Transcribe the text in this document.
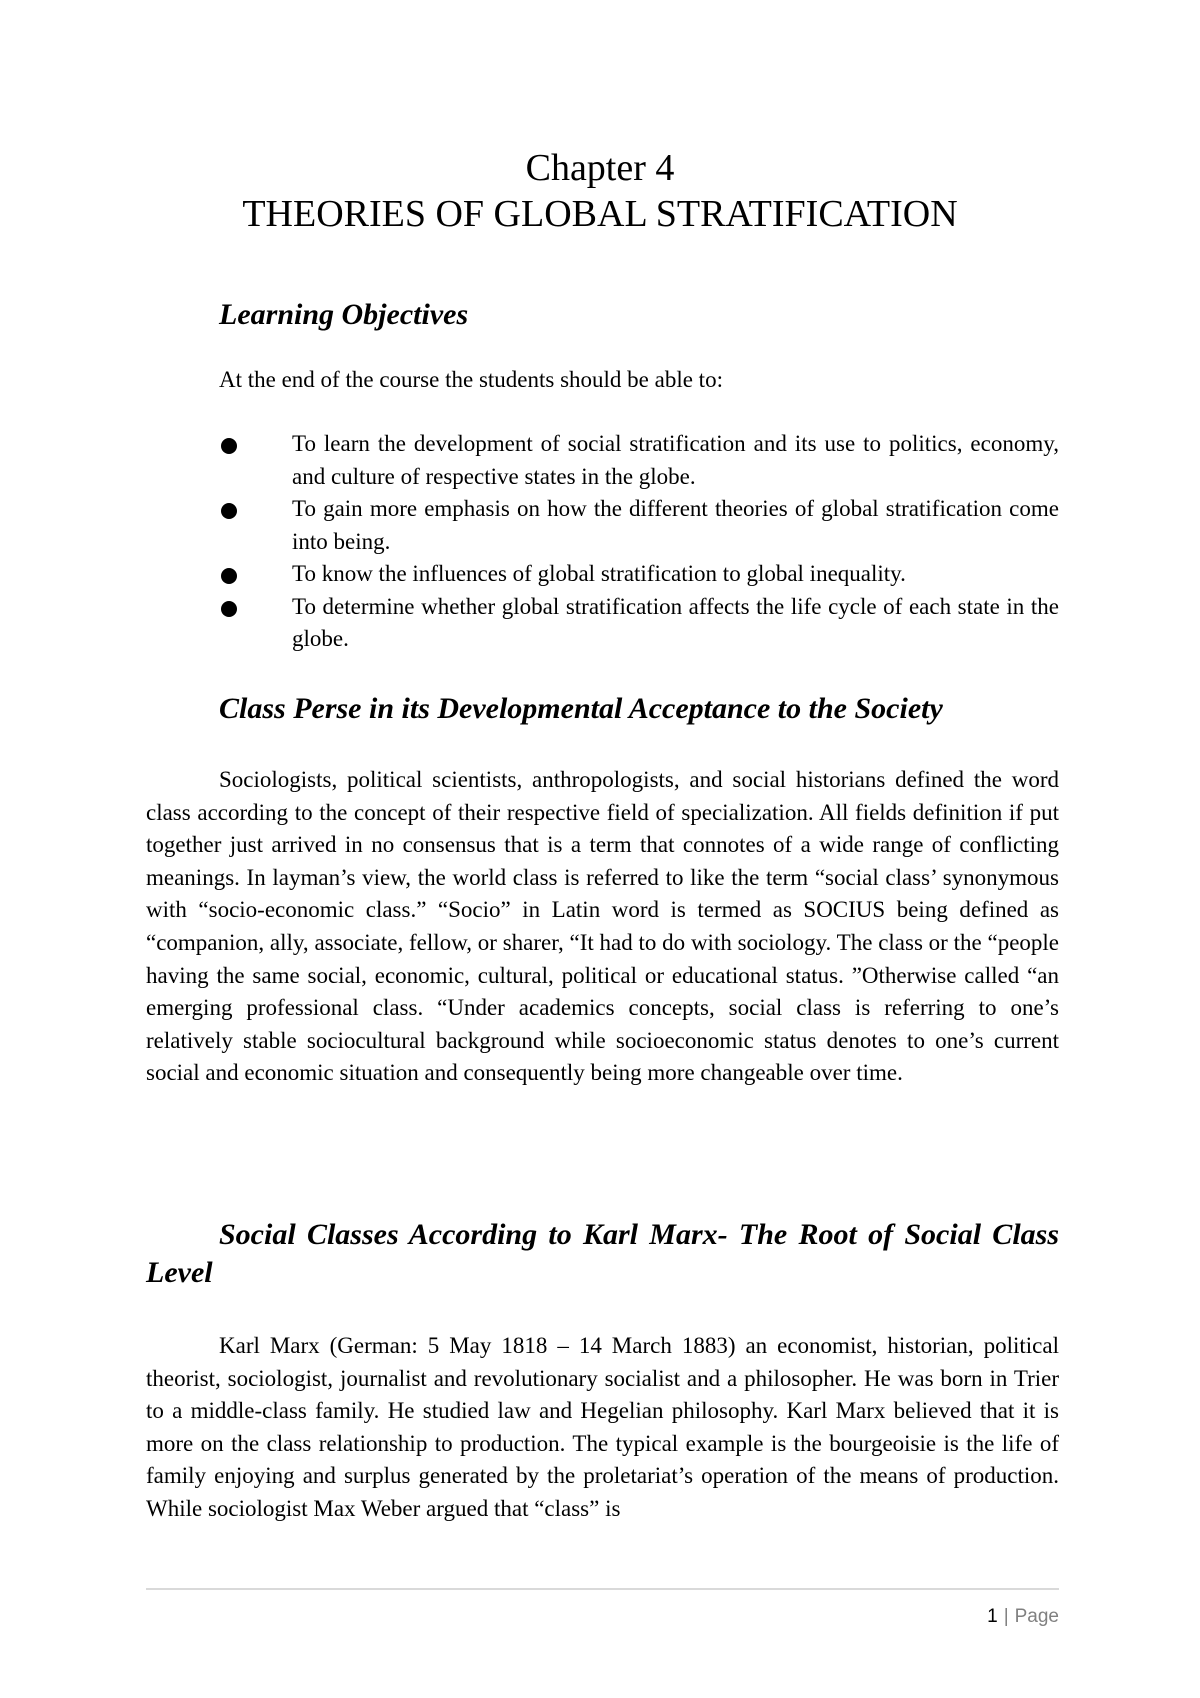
Chapter 4
THEORIES OF GLOBAL STRATIFICATION
Learning Objectives
At the end of the course the students should be able to:
To learn the development of social stratification and its use to politics, economy, and culture of respective states in the globe.
To gain more emphasis on how the different theories of global stratification come into being.
To know the influences of global stratification to global inequality.
To determine whether global stratification affects the life cycle of each state in the globe.
Class Perse in its Developmental Acceptance to the Society

Sociologists, political scientists, anthropologists, and social historians defined the word class according to the concept of their respective field of specialization. All fields definition if put together just arrived in no consensus that is a term that connotes of a wide range of conflicting meanings. In layman’s view, the world class is referred to like the term “social class’ synonymous with “socio-economic class.” “Socio” in Latin word is termed as SOCIUS being defined as “companion, ally, associate, fellow, or sharer, “It had to do with sociology. The class or the “people having the same social, economic, cultural, political or educational status. ”Otherwise called “an emerging professional class. “Under academics concepts, social class is referring to one’s relatively stable sociocultural background while socioeconomic status denotes to one’s current social and economic situation and consequently being more changeable over time.

Social Classes According to Karl Marx- The Root of Social Class Level

Karl Marx (German: 5 May 1818 – 14 March 1883) an economist, historian, political theorist, sociologist, journalist and revolutionary socialist and a philosopher. He was born in Trier to a middle-class family. He studied law and Hegelian philosophy. Karl Marx believed that it is more on the class relationship to production. The typical example is the bourgeoisie is the life of family enjoying and surplus generated by the proletariat’s operation of the means of production. While sociologist Max Weber argued that “class” is

1 | Page
